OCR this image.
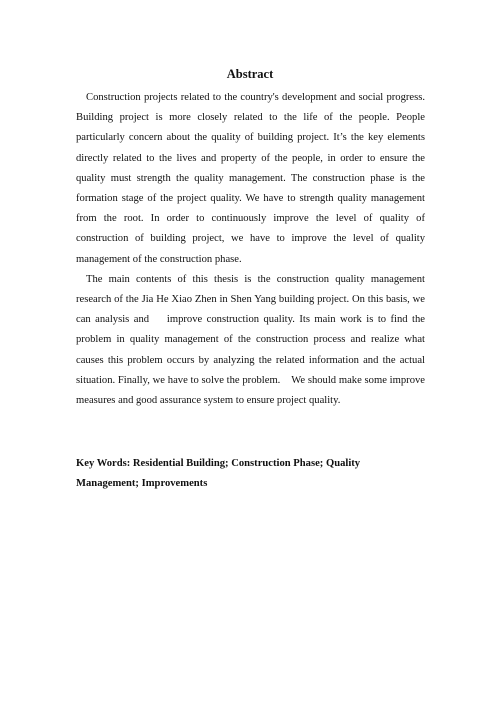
Abstract

Construction projects related to the country's development and social progress. Building project is more closely related to the life of the people. People particularly concern about the quality of building project. It’s the key elements directly related to the lives and property of the people, in order to ensure the quality must strength the quality management. The construction phase is the formation stage of the project quality. We have to strength quality management from the root. In order to continuously improve the level of quality of construction of building project, we have to improve the level of quality management of the construction phase.

The main contents of this thesis is the construction quality management research of the Jia He Xiao Zhen in Shen Yang building project. On this basis, we can analysis and    improve construction quality. Its main work is to find the problem in quality management of the construction process and realize what causes this problem occurs by analyzing the related information and the actual situation. Finally, we have to solve the problem.    We should make some improve measures and good assurance system to ensure project quality.

Key Words: Residential Building; Construction Phase; Quality Management; Improvements
